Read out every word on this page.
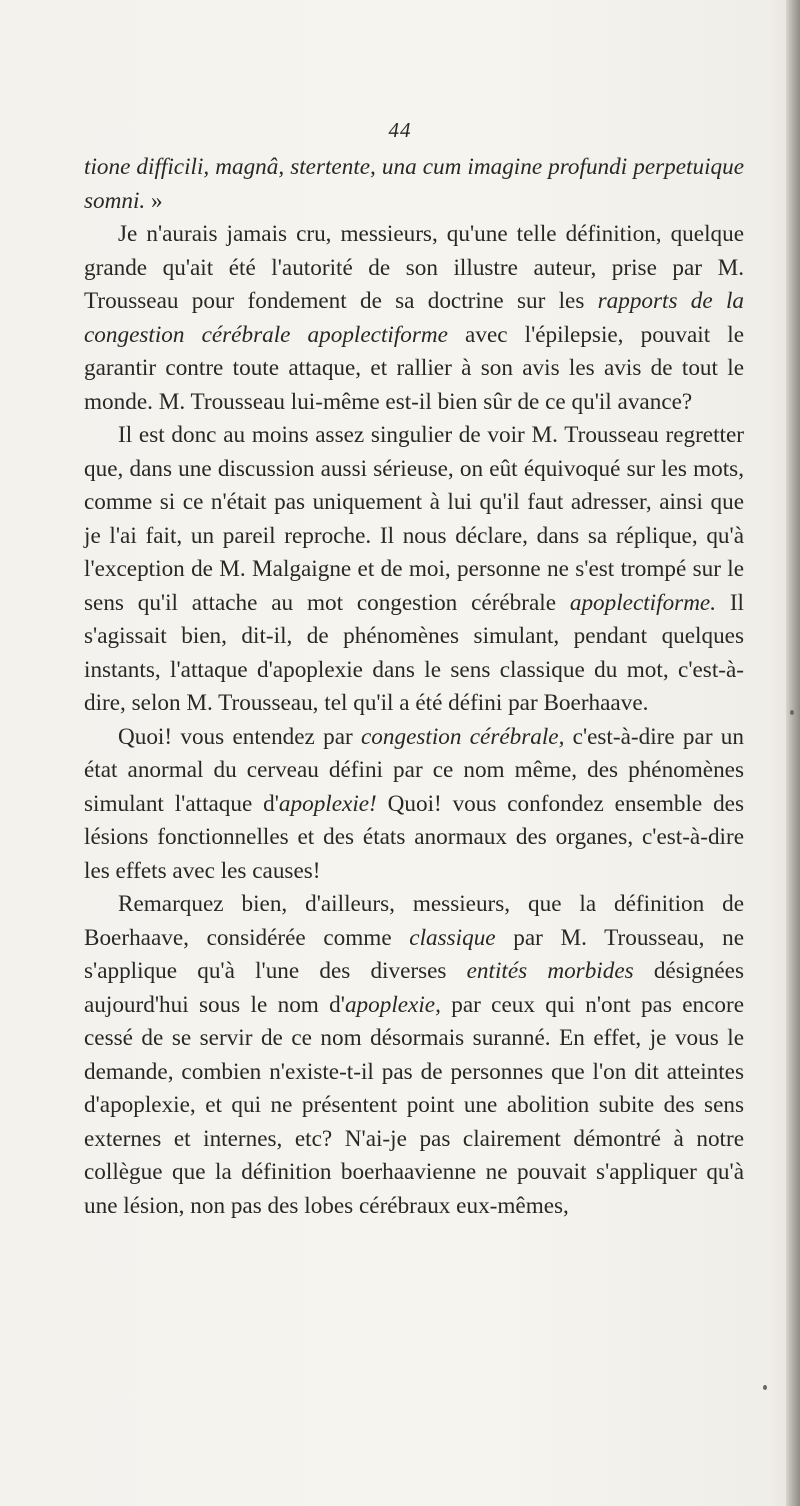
44

tione difficili, magnâ, stertente, una cum imagine profundi perpetuique somni. »

Je n'aurais jamais cru, messieurs, qu'une telle définition, quelque grande qu'ait été l'autorité de son illustre auteur, prise par M. Trousseau pour fondement de sa doctrine sur les rapports de la congestion cérébrale apoplectiforme avec l'épilepsie, pouvait le garantir contre toute attaque, et rallier à son avis les avis de tout le monde. M. Trousseau lui-même est-il bien sûr de ce qu'il avance?

Il est donc au moins assez singulier de voir M. Trousseau regretter que, dans une discussion aussi sérieuse, on eût équivoqué sur les mots, comme si ce n'était pas uniquement à lui qu'il faut adresser, ainsi que je l'ai fait, un pareil reproche. Il nous déclare, dans sa réplique, qu'à l'exception de M. Malgaigne et de moi, personne ne s'est trompé sur le sens qu'il attache au mot congestion cérébrale apoplectiforme. Il s'agissait bien, dit-il, de phénomènes simulant, pendant quelques instants, l'attaque d'apoplexie dans le sens classique du mot, c'est-à-dire, selon M. Trousseau, tel qu'il a été défini par Boerhaave.

Quoi! vous entendez par congestion cérébrale, c'est-à-dire par un état anormal du cerveau défini par ce nom même, des phénomènes simulant l'attaque d'apoplexie! Quoi! vous confondez ensemble des lésions fonctionnelles et des états anormaux des organes, c'est-à-dire les effets avec les causes!

Remarquez bien, d'ailleurs, messieurs, que la définition de Boerhaave, considérée comme classique par M. Trousseau, ne s'applique qu'à l'une des diverses entités morbides désignées aujourd'hui sous le nom d'apoplexie, par ceux qui n'ont pas encore cessé de se servir de ce nom désormais suranné. En effet, je vous le demande, combien n'existe-t-il pas de personnes que l'on dit atteintes d'apoplexie, et qui ne présentent point une abolition subite des sens externes et internes, etc? N'ai-je pas clairement démontré à notre collègue que la définition boerhaavienne ne pouvait s'appliquer qu'à une lésion, non pas des lobes cérébraux eux-mêmes,
